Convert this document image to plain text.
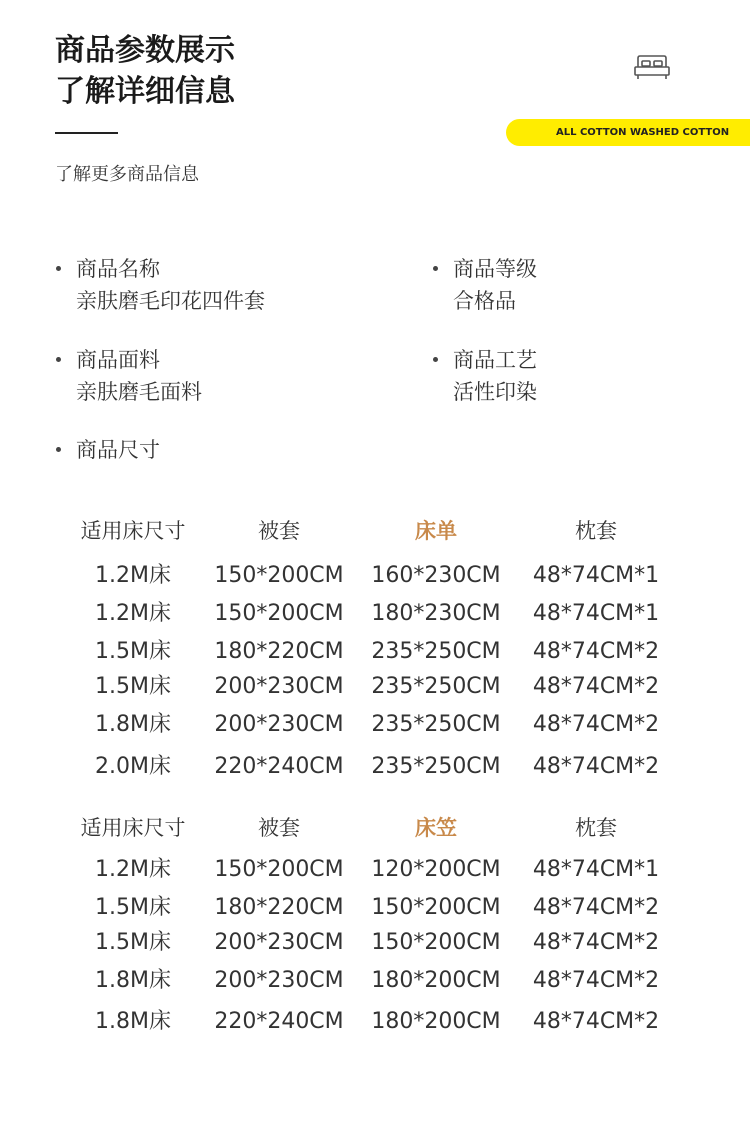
商品参数展示
了解详细信息
了解更多商品信息
ALL COTTON WASHED COTTON
商品名称
亲肤磨毛印花四件套
商品等级
合格品
商品面料
亲肤磨毛面料
商品工艺
活性印染
商品尺寸
适用床尺寸	被套	床单	枕套
1.2M床	150*200CM	160*230CM	48*74CM*1
1.2M床	150*200CM	180*230CM	48*74CM*1
1.5M床	180*220CM	235*250CM	48*74CM*2
1.5M床	200*230CM	235*250CM	48*74CM*2
1.8M床	200*230CM	235*250CM	48*74CM*2
2.0M床	220*240CM	235*250CM	48*74CM*2
适用床尺寸	被套	床笠	枕套
1.2M床	150*200CM	120*200CM	48*74CM*1
1.5M床	180*220CM	150*200CM	48*74CM*2
1.5M床	200*230CM	150*200CM	48*74CM*2
1.8M床	200*230CM	180*200CM	48*74CM*2
1.8M床	220*240CM	180*200CM	48*74CM*2
